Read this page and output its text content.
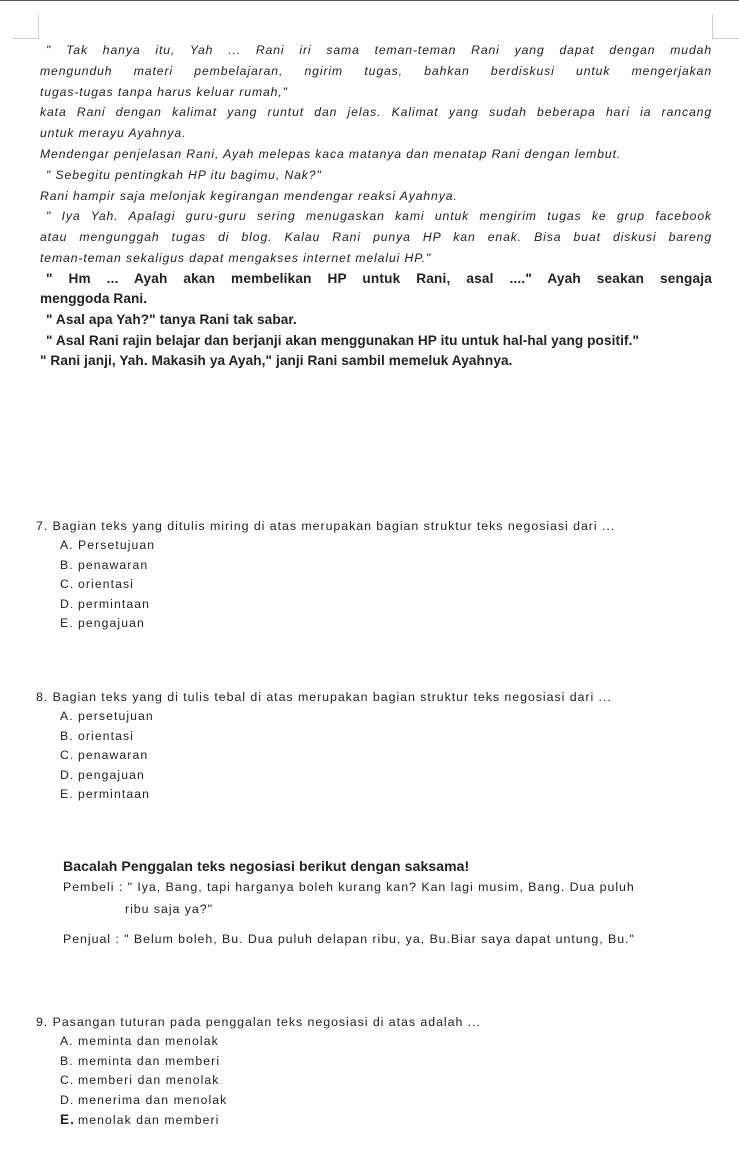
" Tak hanya itu, Yah ... Rani iri sama teman-teman Rani yang dapat dengan mudah

mengunduh materi pembelajaran, ngirim tugas, bahkan berdiskusi untuk mengerjakan

tugas-tugas tanpa harus keluar rumah,"

kata Rani dengan kalimat yang runtut dan jelas. Kalimat yang sudah beberapa hari ia rancang

untuk merayu Ayahnya.

Mendengar penjelasan Rani, Ayah melepas kaca matanya dan menatap Rani dengan lembut.

" Sebegitu pentingkah HP itu bagimu, Nak?"

Rani hampir saja melonjak kegirangan mendengar reaksi Ayahnya.

" Iya Yah. Apalagi guru-guru sering menugaskan kami untuk mengirim tugas ke grup facebook

atau mengunggah tugas di blog. Kalau Rani punya HP kan enak. Bisa buat diskusi bareng

teman-teman sekaligus dapat mengakses internet melalui HP."

" Hm ... Ayah akan membelikan HP untuk Rani, asal ...." Ayah seakan sengaja

menggoda Rani.

" Asal apa Yah?" tanya Rani tak sabar.

" Asal Rani rajin belajar dan berjanji akan menggunakan HP itu untuk hal-hal yang positif."

" Rani janji, Yah. Makasih ya Ayah," janji Rani sambil memeluk Ayahnya.

7. Bagian teks yang ditulis miring di atas merupakan bagian struktur teks negosiasi dari ...
A. Persetujuan
B. penawaran
C. orientasi
D. permintaan
E. pengajuan
8. Bagian teks yang di tulis tebal di atas merupakan bagian struktur teks negosiasi dari ...
A. persetujuan
B. orientasi
C. penawaran
D. pengajuan
E. permintaan
Bacalah Penggalan teks negosiasi berikut dengan saksama!
Pembeli : " Iya, Bang, tapi harganya boleh kurang kan? Kan lagi musim, Bang. Dua puluh
ribu saja ya?"
Penjual : " Belum boleh, Bu. Dua puluh delapan ribu, ya, Bu.Biar saya dapat untung, Bu."
9. Pasangan tuturan pada penggalan teks negosiasi di atas adalah ...
A. meminta dan menolak
B. meminta dan memberi
C. memberi dan menolak
D. menerima dan menolak
E. menolak dan memberi
